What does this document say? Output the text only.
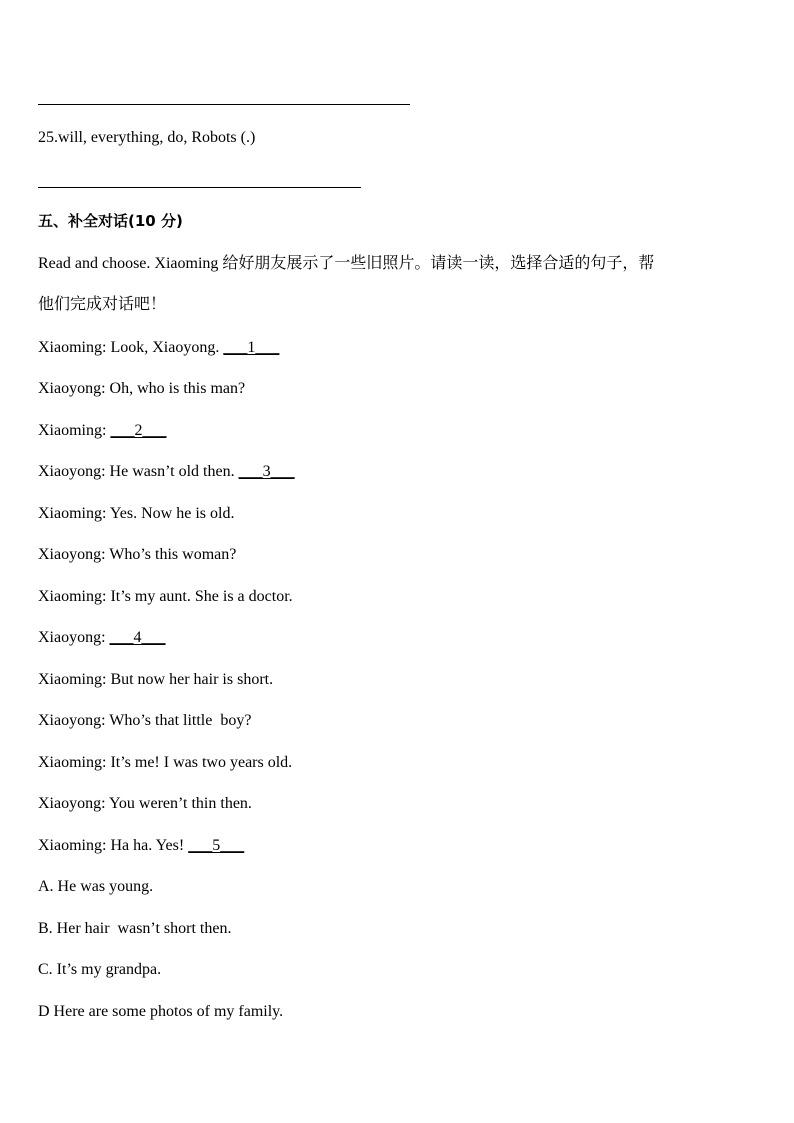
25.will, everything, do, Robots (.)
五、补全对话(10 分)
Read and choose. Xiaoming 给好朋友展示了一些旧照片。请读一读，选择合适的句子，帮
他们完成对话吧！
Xiaoming: Look, Xiaoyong. ___1___
Xiaoyong: Oh, who is this man?
Xiaoming: ___2___
Xiaoyong: He wasn’t old then. ___3___
Xiaoming: Yes. Now he is old.
Xiaoyong: Who’s this woman?
Xiaoming: It’s my aunt. She is a doctor.
Xiaoyong: ___4___
Xiaoming: But now her hair is short.
Xiaoyong: Who’s that little  boy?
Xiaoming: It’s me! I was two years old.
Xiaoyong: You weren’t thin then.
Xiaoming: Ha ha. Yes! ___5___
A. He was young.
B. Her hair  wasn’t short then.
C. It’s my grandpa.
D Here are some photos of my family.
